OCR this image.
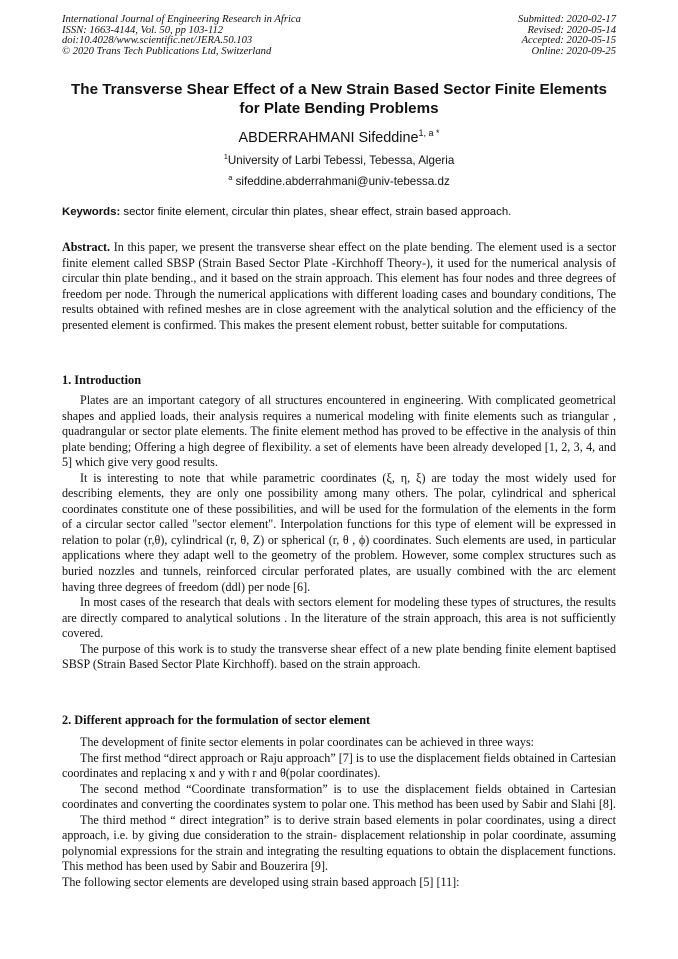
International Journal of Engineering Research in Africa
ISSN: 1663-4144, Vol. 50, pp 103-112
doi:10.4028/www.scientific.net/JERA.50.103
© 2020 Trans Tech Publications Ltd, Switzerland
Submitted: 2020-02-17
Revised: 2020-05-14
Accepted: 2020-05-15
Online: 2020-09-25
The Transverse Shear Effect of a New Strain Based Sector Finite Elements for Plate Bending Problems
ABDERRAHMANI Sifeddine$^{1, a *}$
$^1$University of Larbi Tebessi, Tebessa, Algeria
$^a$ sifeddine.abderrahmani@univ-tebessa.dz
Keywords: sector finite element, circular thin plates, shear effect, strain based approach.

Abstract. In this paper, we present the transverse shear effect on the plate bending. The element used is a sector finite element called SBSP (Strain Based Sector Plate -Kirchhoff Theory-), it used for the numerical analysis of circular thin plate bending., and it based on the strain approach. This element has four nodes and three degrees of freedom per node. Through the numerical applications with different loading cases and boundary conditions, The results obtained with refined meshes are in close agreement with the analytical solution and the efficiency of the presented element is confirmed. This makes the present element robust, better suitable for computations.

1. Introduction

Plates are an important category of all structures encountered in engineering. With complicated geometrical shapes and applied loads, their analysis requires a numerical modeling with finite elements such as triangular , quadrangular or sector plate elements. The finite element method has proved to be effective in the analysis of thin plate bending; Offering a high degree of flexibility. a set of elements have been already developed [1, 2, 3, 4, and 5] which give very good results.

It is interesting to note that while parametric coordinates (ξ, η, ξ) are today the most widely used for describing elements, they are only one possibility among many others. The polar, cylindrical and spherical coordinates constitute one of these possibilities, and will be used for the formulation of the elements in the form of a circular sector called "sector element". Interpolation functions for this type of element will be expressed in relation to polar (r,θ), cylindrical (r, θ, Z) or spherical (r, θ , ϕ) coordinates. Such elements are used, in particular applications where they adapt well to the geometry of the problem. However, some complex structures such as buried nozzles and tunnels, reinforced circular perforated plates, are usually combined with the arc element having three degrees of freedom (ddl) per node [6].

In most cases of the research that deals with sectors element for modeling these types of structures, the results are directly compared to analytical solutions . In the literature of the strain approach, this area is not sufficiently covered.

The purpose of this work is to study the transverse shear effect of a new plate bending finite element baptised SBSP (Strain Based Sector Plate Kirchhoff). based on the strain approach.

2. Different approach for the formulation of sector element

The development of finite sector elements in polar coordinates can be achieved in three ways:

The first method “direct approach or Raju approach” [7] is to use the displacement fields obtained in Cartesian coordinates and replacing x and y with r and θ(polar coordinates).

The second method “Coordinate transformation” is to use the displacement fields obtained in Cartesian coordinates and converting the coordinates system to polar one. This method has been used by Sabir and Slahi [8].

The third method “ direct integration” is to derive strain based elements in polar coordinates, using a direct approach, i.e. by giving due consideration to the strain- displacement relationship in polar coordinate, assuming polynomial expressions for the strain and integrating the resulting equations to obtain the displacement functions. This method has been used by Sabir and Bouzerira [9].

The following sector elements are developed using strain based approach [5] [11]:
